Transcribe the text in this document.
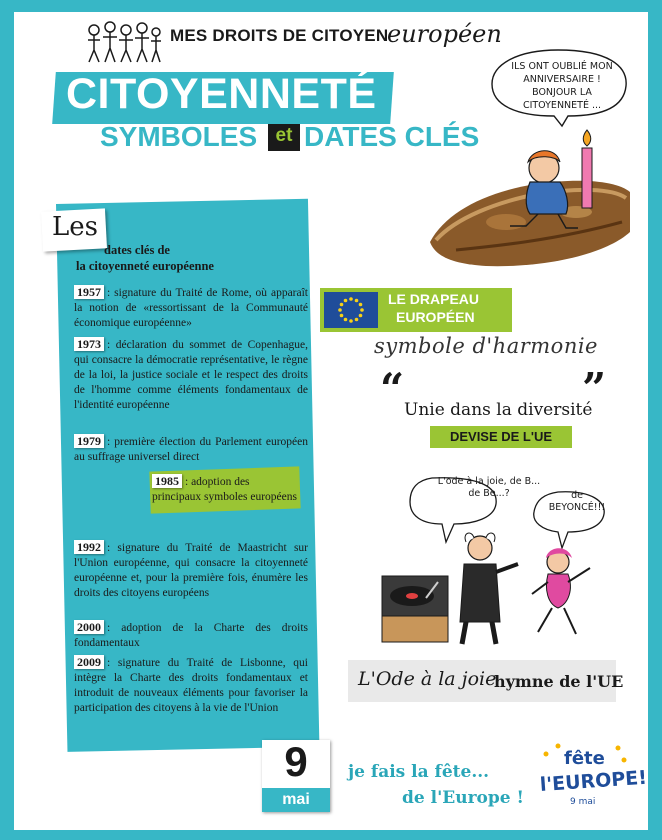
MES DROITS DE CITOYEN
européen
CITOYENNETÉ
SYMBOLES et DATES CLÉS
ILS ONT OUBLIÉ MON ANNIVERSAIRE ! BONJOUR LA CITOYENNETÉ ...
Les
dates clés de
la citoyenneté européenne
1957 : signature du Traité de Rome, où apparaît la notion de «ressortissant de la Communauté économique européenne»
1973 : déclaration du sommet de Copenhague, qui consacre la démocratie représentative, le règne de la loi, la justice sociale et le respect des droits de l'homme comme éléments fondamentaux de l'identité européenne
1979 : première élection du Parlement européen au suffrage universel direct
1985 : adoption des principaux symboles européens
1992 : signature du Traité de Maastricht sur l'Union européenne, qui consacre la citoyenneté européenne et, pour la première fois, énumère les droits des citoyens européens
2000 : adoption de la Charte des droits fondamentaux
2009 : signature du Traité de Lisbonne, qui intègre la Charte des droits fondamentaux et introduit de nouveaux éléments pour favoriser la participation des citoyens à la vie de l'Union
9
mai
je fais la fête...
de l'Europe !
fête
l'EUROPE!
9 mai
LE DRAPEAU
EUROPÉEN
symbole d'harmonie
“	”
Unie dans la diversité
DEVISE DE L'UE
L'ode à la joie, de B... de Be...?	de BEYONCÉ!!!
L'Ode à la joie
hymne de l'UE
